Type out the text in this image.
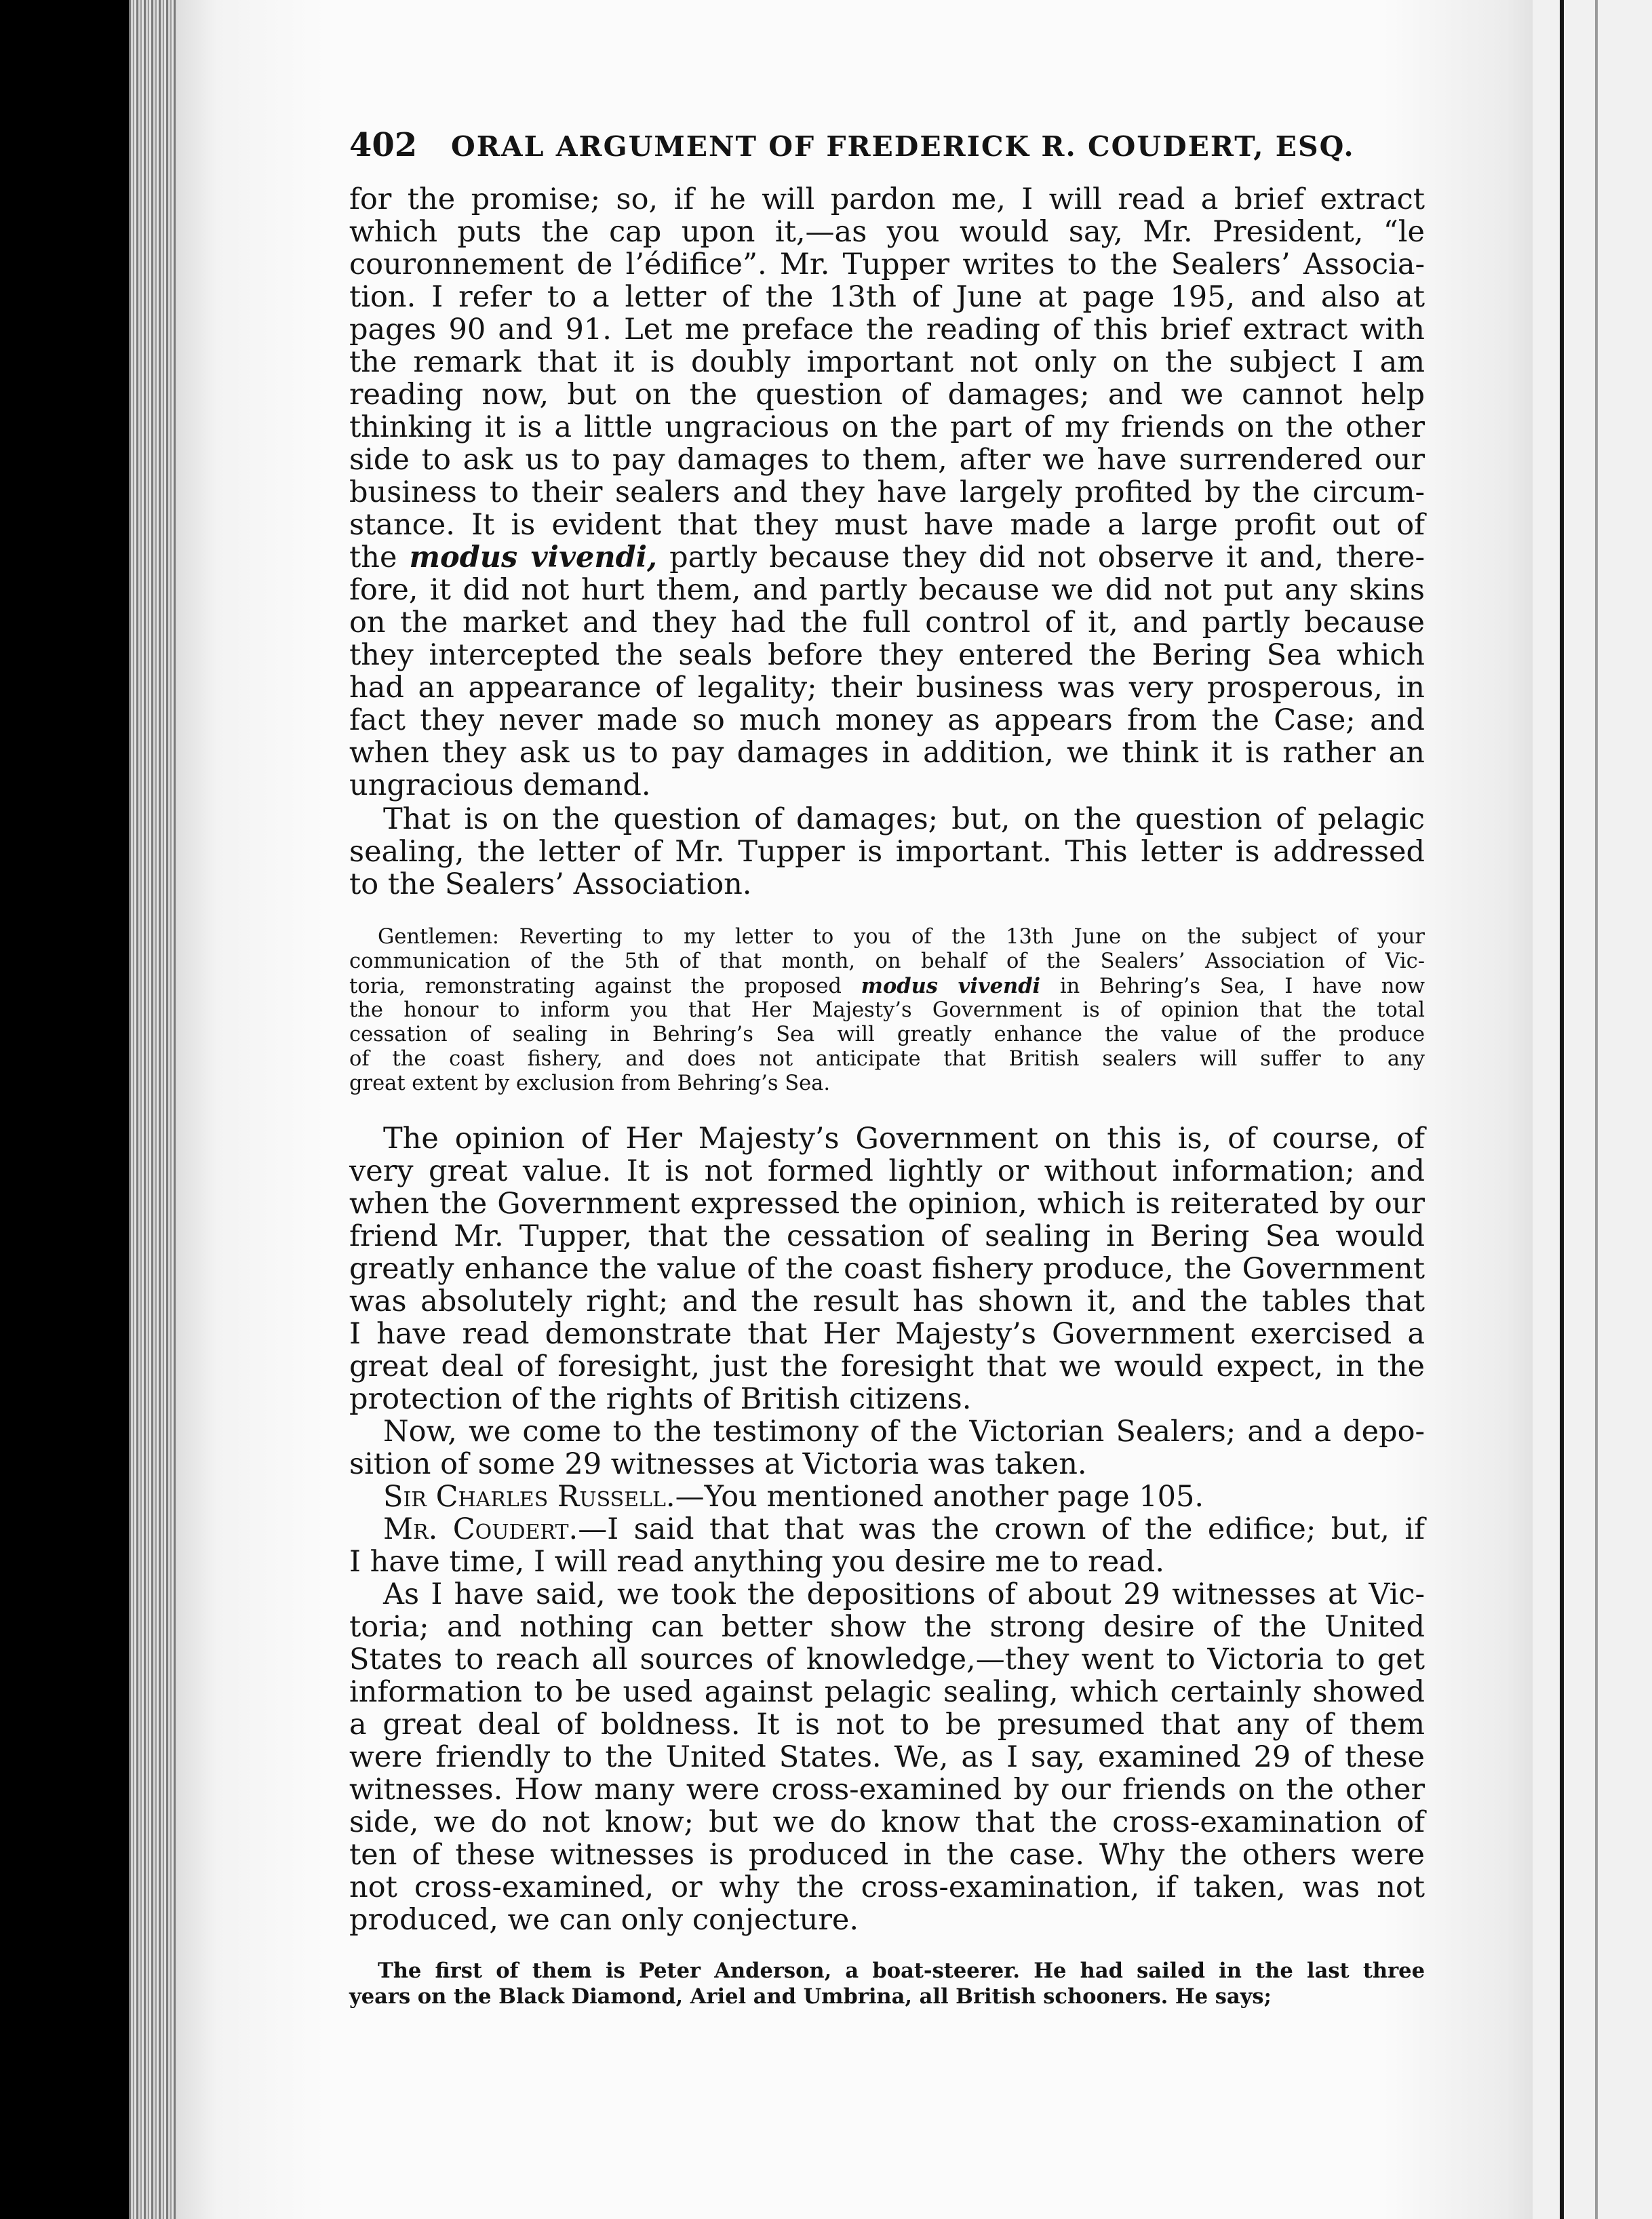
402 ORAL ARGUMENT OF FREDERICK R. COUDERT, ESQ.
for the promise; so, if he will pardon me, I will read a brief extract
which puts the cap upon it,—as you would say, Mr. President, “le
couronnement de l’édifice”. Mr. Tupper writes to the Sealers’ Associa-
tion. I refer to a letter of the 13th of June at page 195, and also at
pages 90 and 91. Let me preface the reading of this brief extract with
the remark that it is doubly important not only on the subject I am
reading now, but on the question of damages; and we cannot help
thinking it is a little ungracious on the part of my friends on the other
side to ask us to pay damages to them, after we have surrendered our
business to their sealers and they have largely profited by the circum-
stance. It is evident that they must have made a large profit out of
the modus vivendi, partly because they did not observe it and, there-
fore, it did not hurt them, and partly because we did not put any skins
on the market and they had the full control of it, and partly because
they intercepted the seals before they entered the Bering Sea which
had an appearance of legality; their business was very prosperous, in
fact they never made so much money as appears from the Case; and
when they ask us to pay damages in addition, we think it is rather an
ungracious demand.
That is on the question of damages; but, on the question of pelagic
sealing, the letter of Mr. Tupper is important. This letter is addressed
to the Sealers’ Association.
Gentlemen: Reverting to my letter to you of the 13th June on the subject of your
communication of the 5th of that month, on behalf of the Sealers’ Association of Vic-
toria, remonstrating against the proposed modus vivendi in Behring’s Sea, I have now
the honour to inform you that Her Majesty’s Government is of opinion that the total
cessation of sealing in Behring’s Sea will greatly enhance the value of the produce
of the coast fishery, and does not anticipate that British sealers will suffer to any
great extent by exclusion from Behring’s Sea.
The opinion of Her Majesty’s Government on this is, of course, of
very great value. It is not formed lightly or without information; and
when the Government expressed the opinion, which is reiterated by our
friend Mr. Tupper, that the cessation of sealing in Bering Sea would
greatly enhance the value of the coast fishery produce, the Government
was absolutely right; and the result has shown it, and the tables that
I have read demonstrate that Her Majesty’s Government exercised a
great deal of foresight, just the foresight that we would expect, in the
protection of the rights of British citizens.
Now, we come to the testimony of the Victorian Sealers; and a depo-
sition of some 29 witnesses at Victoria was taken.
Sir Charles Russell.—You mentioned another page 105.
Mr. Coudert.—I said that that was the crown of the edifice; but, if
I have time, I will read anything you desire me to read.
As I have said, we took the depositions of about 29 witnesses at Vic-
toria; and nothing can better show the strong desire of the United
States to reach all sources of knowledge,—they went to Victoria to get
information to be used against pelagic sealing, which certainly showed
a great deal of boldness. It is not to be presumed that any of them
were friendly to the United States. We, as I say, examined 29 of these
witnesses. How many were cross-examined by our friends on the other
side, we do not know; but we do know that the cross-examination of
ten of these witnesses is produced in the case. Why the others were
not cross-examined, or why the cross-examination, if taken, was not
produced, we can only conjecture.
The first of them is Peter Anderson, a boat-steerer. He had sailed in the last three
years on the Black Diamond, Ariel and Umbrina, all British schooners. He says;
